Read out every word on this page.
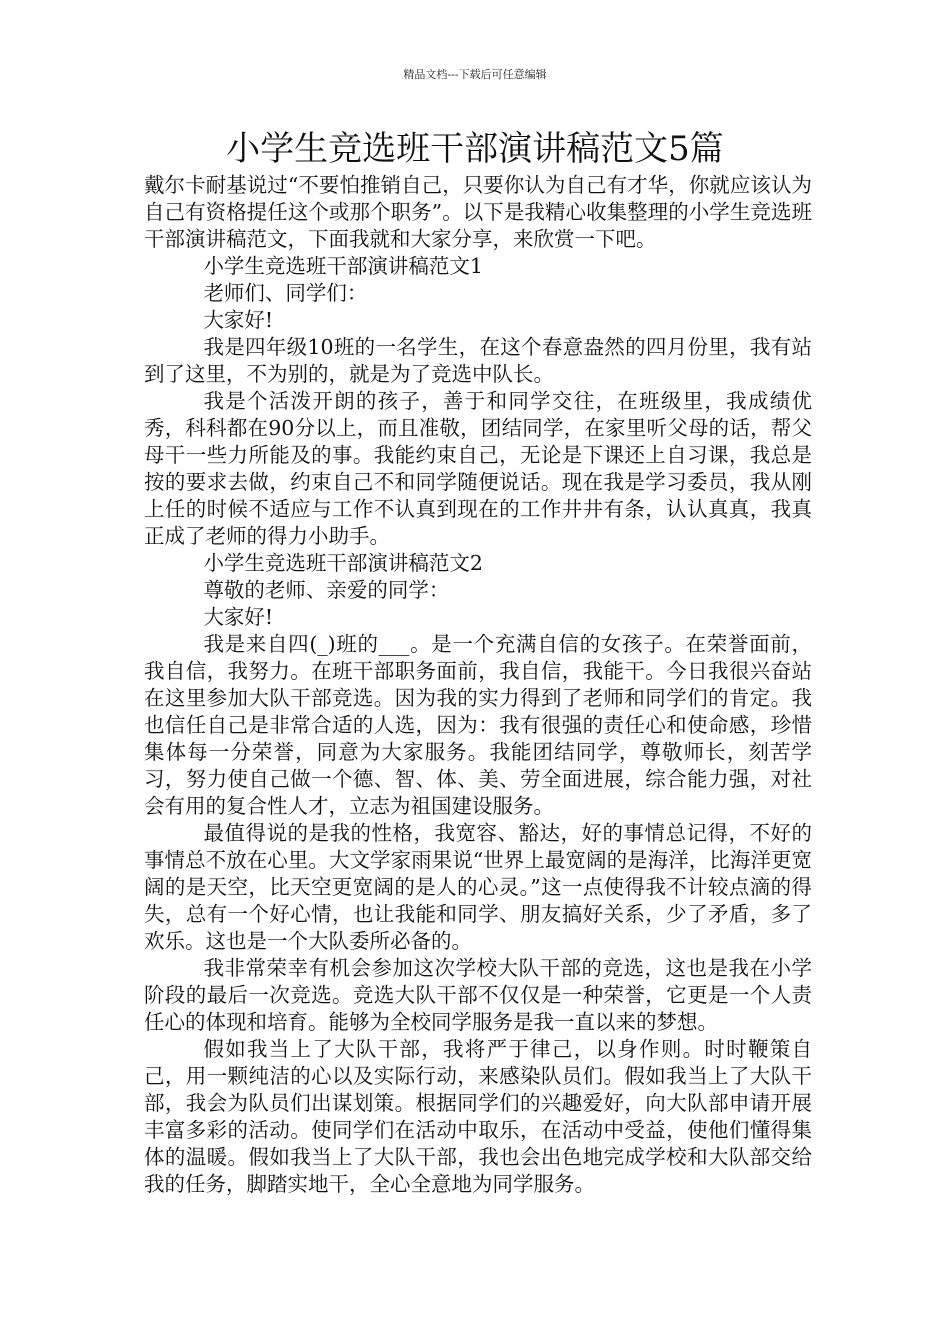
精品文档---下载后可任意编辑
小学生竞选班干部演讲稿范文5篇

戴尔卡耐基说过“不要怕推销自己，只要你认为自己有才华，你就应该认为自己有资格提任这个或那个职务”。以下是我精心收集整理的小学生竞选班干部演讲稿范文，下面我就和大家分享，来欣赏一下吧。

小学生竞选班干部演讲稿范文1

老师们、同学们：

大家好!

我是四年级10班的一名学生，在这个春意盎然的四月份里，我有站到了这里，不为别的，就是为了竞选中队长。

我是个活泼开朗的孩子，善于和同学交往，在班级里，我成绩优秀，科科都在90分以上，而且准敬，团结同学，在家里听父母的话，帮父母干一些力所能及的事。我能约束自己，无论是下课还上自习课，我总是按的要求去做，约束自己不和同学随便说话。现在我是学习委员，我从刚上任的时候不适应与工作不认真到现在的工作井井有条，认认真真，我真正成了老师的得力小助手。

小学生竞选班干部演讲稿范文2

尊敬的老师、亲爱的同学：

大家好!

我是来自四(_)班的___。是一个充满自信的女孩子。在荣誉面前，我自信，我努力。在班干部职务面前，我自信，我能干。今日我很兴奋站在这里参加大队干部竞选。因为我的实力得到了老师和同学们的肯定。我也信任自己是非常合适的人选，因为：我有很强的责任心和使命感，珍惜集体每一分荣誉，同意为大家服务。我能团结同学，尊敬师长，刻苦学习，努力使自己做一个德、智、体、美、劳全面进展，综合能力强，对社会有用的复合性人才，立志为祖国建设服务。

最值得说的是我的性格，我宽容、豁达，好的事情总记得，不好的事情总不放在心里。大文学家雨果说“世界上最宽阔的是海洋，比海洋更宽阔的是天空，比天空更宽阔的是人的心灵。”这一点使得我不计较点滴的得失，总有一个好心情，也让我能和同学、朋友搞好关系，少了矛盾，多了欢乐。这也是一个大队委所必备的。

我非常荣幸有机会参加这次学校大队干部的竞选，这也是我在小学阶段的最后一次竞选。竞选大队干部不仅仅是一种荣誉，它更是一个人责任心的体现和培育。能够为全校同学服务是我一直以来的梦想。

假如我当上了大队干部，我将严于律己，以身作则。时时鞭策自己，用一颗纯洁的心以及实际行动，来感染队员们。假如我当上了大队干部，我会为队员们出谋划策。根据同学们的兴趣爱好，向大队部申请开展丰富多彩的活动。使同学们在活动中取乐，在活动中受益，使他们懂得集体的温暖。假如我当上了大队干部，我也会出色地完成学校和大队部交给我的任务，脚踏实地干，全心全意地为同学服务。
